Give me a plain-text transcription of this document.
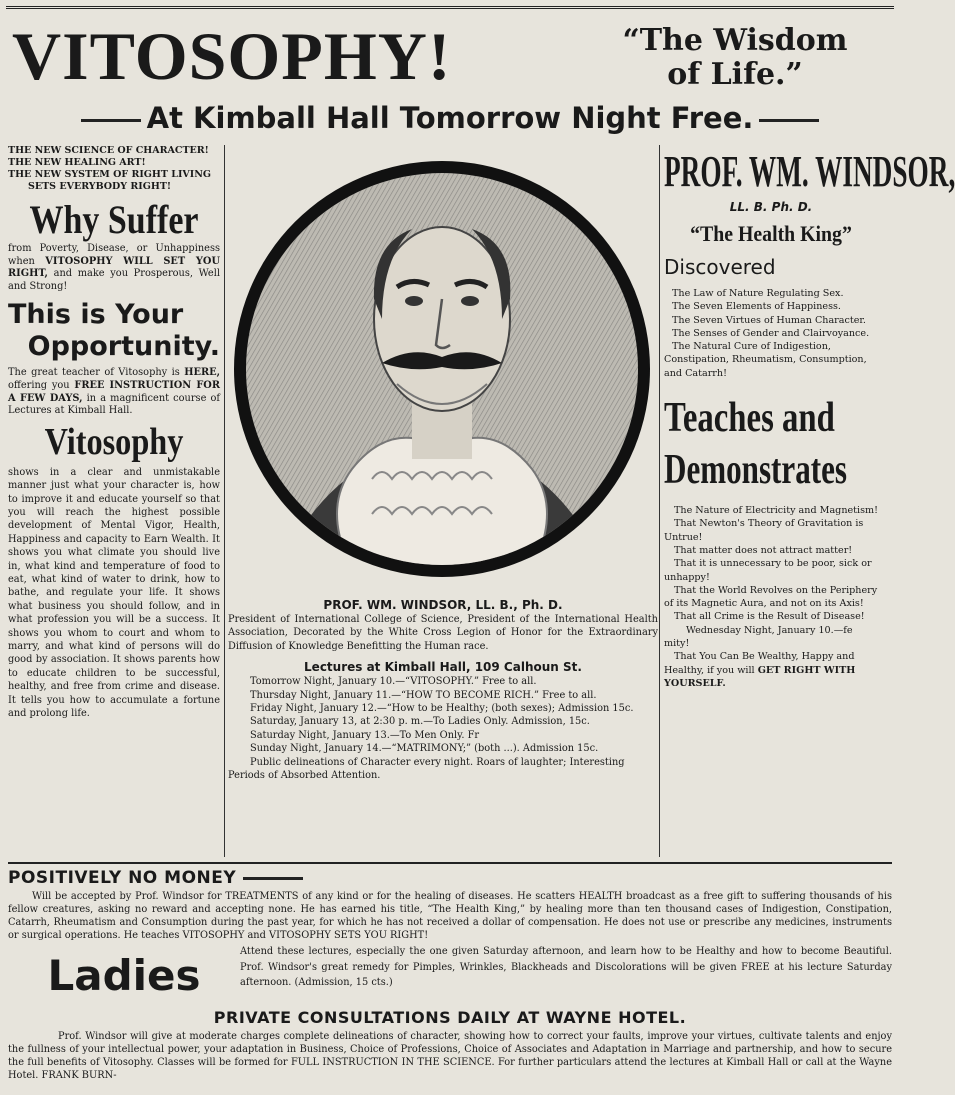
VITOSOPHY!	“The Wisdom
of Life.”
At Kimball Hall Tomorrow Night Free.

THE NEW SCIENCE OF CHARACTER!

THE NEW HEALING ART!

THE NEW SYSTEM OF RIGHT LIVING

SETS EVERYBODY RIGHT!

Why Suffer

from Poverty, Disease, or Unhappiness when VITOSOPHY WILL SET YOU RIGHT, and make you Prosperous, Well and Strong!

This is Your
Opportunity.

The great teacher of Vitosophy is HERE, offering you FREE INSTRUCTION FOR A FEW DAYS, in a magnificent course of Lectures at Kimball Hall.

Vitosophy

shows in a clear and unmistakable manner just what your character is, how to improve it and educate yourself so that you will reach the highest possible development of Mental Vigor, Health, Happiness and capacity to Earn Wealth. It shows you what climate you should live in, what kind and temperature of food to eat, what kind of water to drink, how to bathe, and regulate your life. It shows what business you should follow, and in what profession you will be a success. It shows you whom to court and whom to marry, and what kind of persons will do good by association. It shows parents how to educate children to be successful, healthy, and free from crime and disease. It tells you how to accumulate a fortune and prolong life.

PROF. WM. WINDSOR, LL. B., Ph. D.

President of International College of Science, President of the International Health Association, Decorated by the White Cross Legion of Honor for the Extraordinary Diffusion of Knowledge Benefitting the Human race.

Lectures at Kimball Hall, 109 Calhoun St.

Tomorrow Night, January 10.—“VITOSOPHY.” Free to all.

Thursday Night, January 11.—“HOW TO BECOME RICH.” Free to all.

Friday Night, January 12.—“How to be Healthy; (both sexes); Admission 15c.

Saturday, January 13, at 2:30 p. m.—To Ladies Only. Admission, 15c.

Saturday Night, January 13.—To Men Only. Fr

Sunday Night, January 14.—“MATRIMONY;” (both ...). Admission 15c.

Public delineations of Character every night. Roars of laughter; Interesting Periods of Absorbed Attention.

PROF. WM. WINDSOR,

LL. B. Ph. D.

“The Health King”

Discovered

The Law of Nature Regulating Sex.

The Seven Elements of Happiness.

The Seven Virtues of Human Character.

The Senses of Gender and Clairvoyance.

The Natural Cure of Indigestion, Constipation, Rheumatism, Consumption, and Catarrh!

Teaches and
Demonstrates

The Nature of Electricity and Magnetism!

That Newton's Theory of Gravitation is Untrue!

That matter does not attract matter!

That it is unnecessary to be poor, sick or unhappy!

That the World Revolves on the Periphery of its Magnetic Aura, and not on its Axis!

That all Crime is the Result of Disease!

Wednesday Night, January 10.—fe mity!

That You Can Be Wealthy, Happy and Healthy, if you will GET RIGHT WITH YOURSELF.

POSITIVELY NO MONEY

Will be accepted by Prof. Windsor for TREATMENTS of any kind or for the healing of diseases. He scatters HEALTH broadcast as a free gift to suffering thousands of his fellow creatures, asking no reward and accepting none. He has earned his title, “The Health King,” by healing more than ten thousand cases of Indigestion, Constipation, Catarrh, Rheumatism and Consumption during the past year, for which he has not received a dollar of compensation. He does not use or prescribe any medicines, instruments or surgical operations. He teaches VITOSOPHY and VITOSOPHY SETS YOU RIGHT!

Ladies	Attend these lectures, especially the one given Saturday afternoon, and learn how to be Healthy and how to become Beautiful. Prof. Windsor's great remedy for Pimples, Wrinkles, Blackheads and Discolorations will be given FREE at his lecture Saturday afternoon. (Admission, 15 cts.)

PRIVATE CONSULTATIONS DAILY AT WAYNE HOTEL.

Prof. Windsor will give at moderate charges complete delineations of character, showing how to correct your faults, improve your virtues, cultivate talents and enjoy the fullness of your intellectual power, your adaptation in Business, Choice of Professions, Choice of Associates and Adaptation in Marriage and partnership, and how to secure the full benefits of Vitosophy. Classes will be formed for FULL INSTRUCTION IN THE SCIENCE. For further particulars attend the lectures at Kimball Hall or call at the Wayne Hotel. FRANK BURN-
